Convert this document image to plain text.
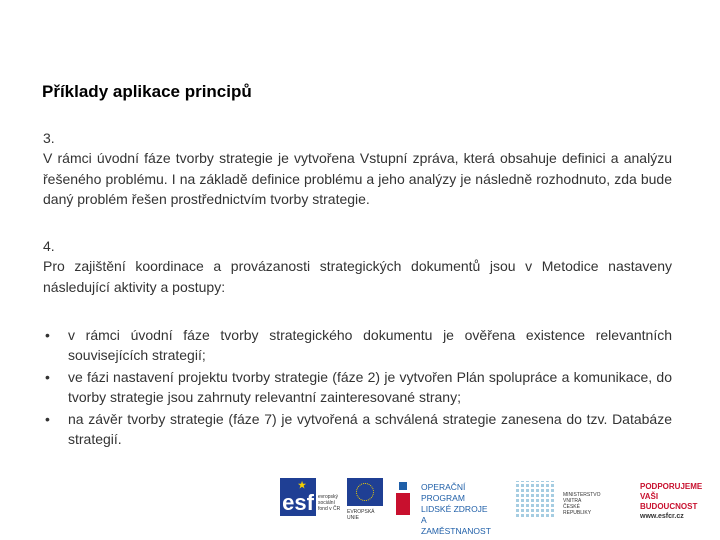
Příklady aplikace principů

3.

V rámci úvodní fáze tvorby strategie je vytvořena Vstupní zpráva, která obsahuje definici a analýzu řešeného problému. I na základě definice problému a jeho analýzy je následně rozhodnuto, zda bude daný problém řešen prostřednictvím tvorby strategie.

4.

Pro zajištění koordinace a provázanosti strategických dokumentů jsou v Metodice nastaveny následující aktivity a postupy:

• v rámci úvodní fáze tvorby strategického dokumentu je ověřena existence relevantních souvisejících strategií;
• ve fázi nastavení projektu tvorby strategie (fáze 2) je vytvořen Plán spolupráce a komunikace, do tvorby strategie jsou zahrnuty relevantní zainteresované strany;
• na závěr tvorby strategie (fáze 7) je vytvořená a schválená strategie zanesena do tzv. Databáze strategií.
esf
★
evropský sociální fond v ČR	EVROPSKÁ UNIE
OPERAČNÍ PROGRAM
LIDSKÉ ZDROJE
A ZAMĚSTNANOST
MINISTERSTVO VNITRA
ČESKÉ REPUBLIKY
PODPORUJEME
VAŠI BUDOUCNOST
www.esfcr.cz
